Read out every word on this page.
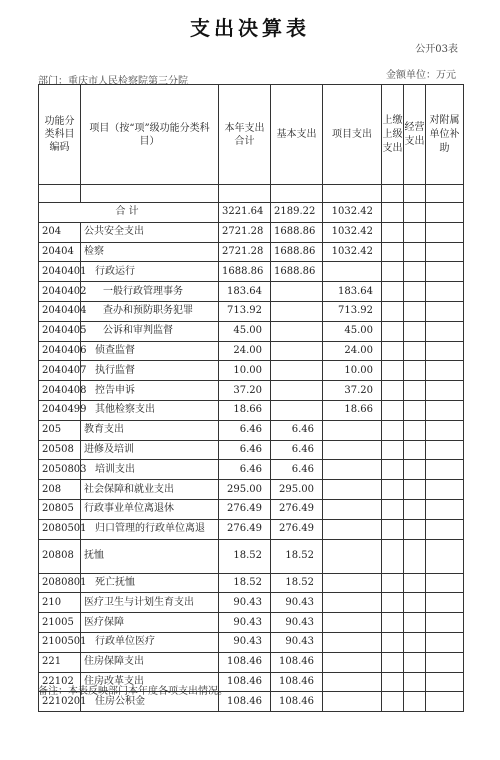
支出决算表
公开03表
金额单位：万元
部门：重庆市人民检察院第三分院
功能分类科目编码	项目（按“项”级功能分类科目）	本年支出合计	基本支出	项目支出	上缴上级支出	经营支出	对附属单位补助

合计		3221.64	2189.22	1032.42			
204	公共安全支出	2721.28	1688.86	1032.42			
20404	检察	2721.28	1688.86	1032.42			
2040401	行政运行	1688.86	1688.86				
2040402	一般行政管理事务	183.64		183.64			
2040404	查办和预防职务犯罪	713.92		713.92			
2040405	公诉和审判监督	45.00		45.00			
2040406	侦查监督	24.00		24.00			
2040407	执行监督	10.00		10.00			
2040408	控告申诉	37.20		37.20			
2040499	其他检察支出	18.66		18.66			
205	教育支出	6.46	6.46				
20508	进修及培训	6.46	6.46				
2050803	培训支出	6.46	6.46				
208	社会保障和就业支出	295.00	295.00				
20805	行政事业单位离退休	276.49	276.49				
2080501	归口管理的行政单位离退	276.49	276.49				
20808	抚恤	18.52	18.52				
2080801	死亡抚恤	18.52	18.52				
210	医疗卫生与计划生育支出	90.43	90.43				
21005	医疗保障	90.43	90.43				
2100501	行政单位医疗	90.43	90.43				
221	住房保障支出	108.46	108.46				
22102	住房改革支出	108.46	108.46				
2210201	住房公积金	108.46	108.46				
备注：本表反映部门本年度各项支出情况。
